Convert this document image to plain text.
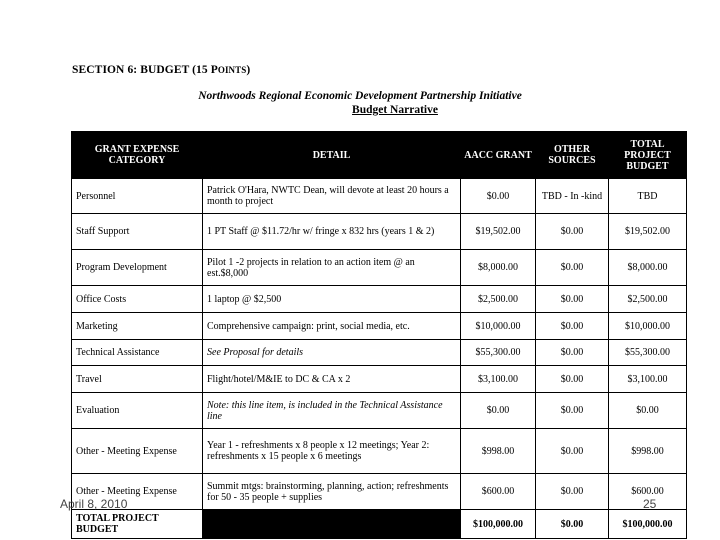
SECTION 6: BUDGET (15 POINTS)
Northwoods Regional Economic Development Partnership Initiative
Budget Narrative
GRANT EXPENSE CATEGORY	DETAIL	AACC GRANT	OTHER SOURCES	TOTAL PROJECT BUDGET
Personnel	Patrick O'Hara, NWTC Dean, will devote at least 20 hours a month to project	$0.00	TBD - In -kind	TBD
Staff Support	1 PT Staff @ $11.72/hr w/ fringe x 832 hrs (years 1 & 2)	$19,502.00	$0.00	$19,502.00
Program Development	Pilot 1 -2 projects in relation to an action item @ an est.$8,000	$8,000.00	$0.00	$8,000.00
Office Costs	1 laptop @ $2,500	$2,500.00	$0.00	$2,500.00
Marketing	Comprehensive campaign: print, social media, etc.	$10,000.00	$0.00	$10,000.00
Technical Assistance	See Proposal for details	$55,300.00	$0.00	$55,300.00
Travel	Flight/hotel/M&IE to DC & CA x 2	$3,100.00	$0.00	$3,100.00
Evaluation	Note: this line item, is included in the Technical Assistance line	$0.00	$0.00	$0.00
Other - Meeting Expense	Year 1 - refreshments x 8 people x 12 meetings; Year 2: refreshments x 15 people x 6 meetings	$998.00	$0.00	$998.00
Other - Meeting Expense	Summit mtgs: brainstorming, planning, action; refreshments for 50 - 35 people + supplies	$600.00	$0.00	$600.00
TOTAL PROJECT BUDGET		$100,000.00	$0.00	$100,000.00
April 8, 2010	25
